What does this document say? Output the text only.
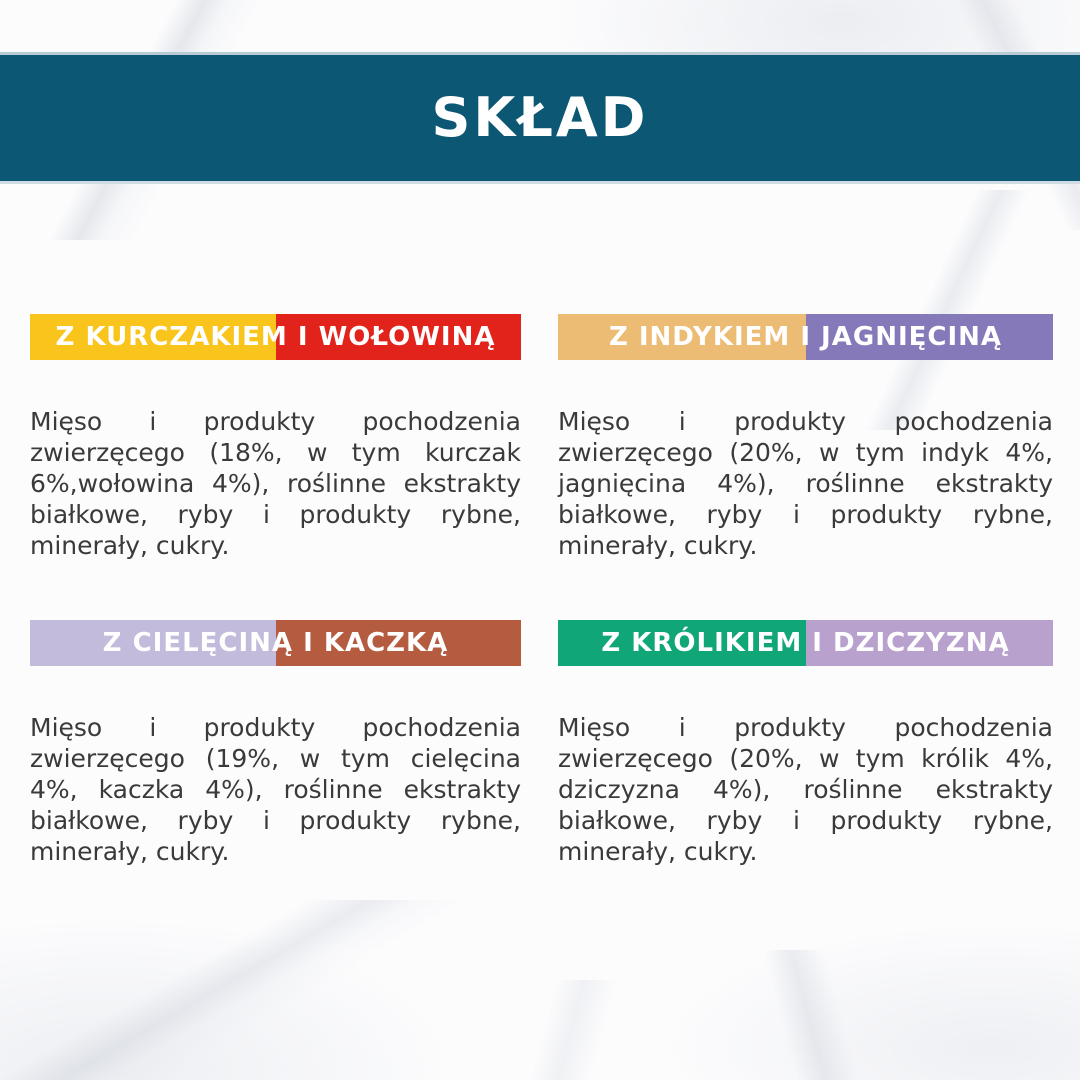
SKŁAD
Z KURCZAKIEM I WOŁOWINĄ

Mięso i produkty pochodzenia zwierzęcego (18%, w tym kurczak 6%,wołowina 4%), roślinne ekstrakty białkowe, ryby i produkty rybne, minerały, cukry.

Z INDYKIEM I JAGNIĘCINĄ

Mięso i produkty pochodzenia zwierzęcego (20%, w tym indyk 4%, jagnięcina 4%), roślinne ekstrakty białkowe, ryby i produkty rybne, minerały, cukry.

Z CIELĘCINĄ I KACZKĄ

Mięso i produkty pochodzenia zwierzęcego (19%, w tym cielęcina 4%, kaczka 4%), roślinne ekstrakty białkowe, ryby i produkty rybne, minerały, cukry.

Z KRÓLIKIEM I DZICZYZNĄ

Mięso i produkty pochodzenia zwierzęcego (20%, w tym królik 4%, dziczyzna 4%), roślinne ekstrakty białkowe, ryby i produkty rybne, minerały, cukry.
